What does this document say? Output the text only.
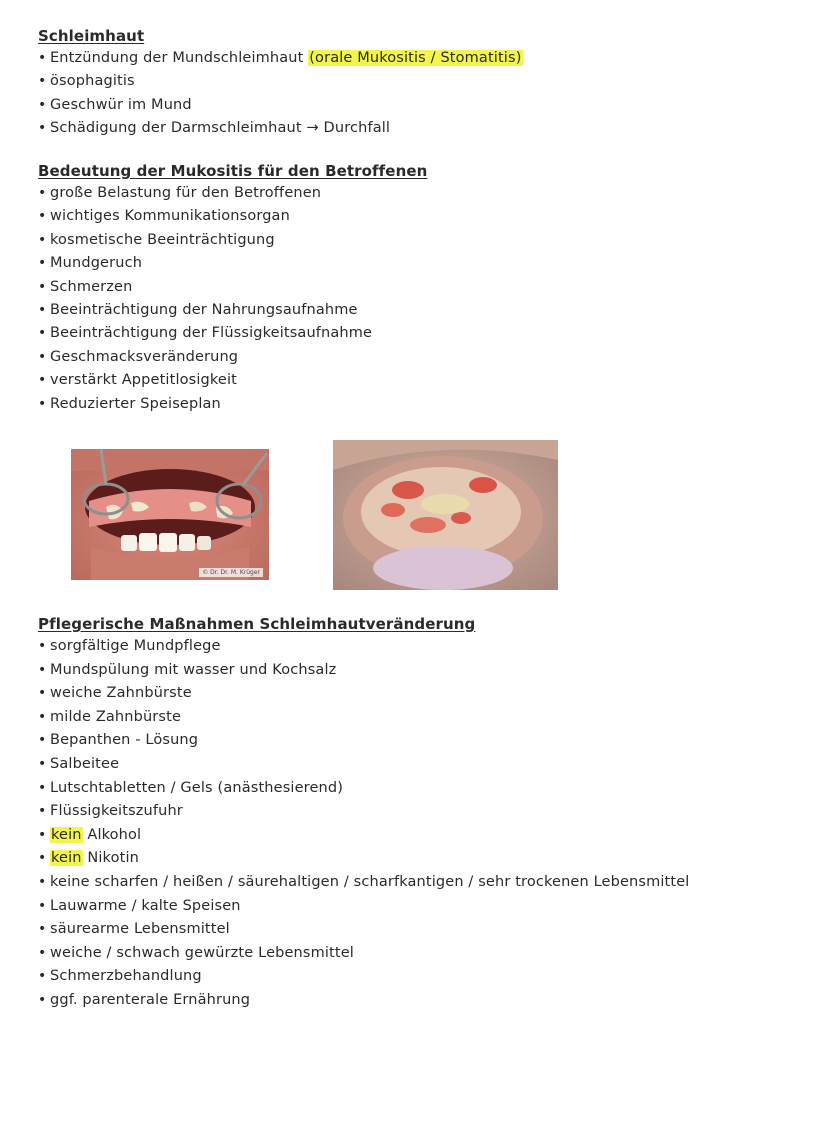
Schleimhaut
• Entzündung der Mundschleimhaut (orale Mukositis / Stomatitis)
• ösophagitis
• Geschwür im Mund
• Schädigung der Darmschleimhaut → Durchfall
Bedeutung der Mukositis für den Betroffenen
• große Belastung für den Betroffenen
• wichtiges Kommunikationsorgan
• kosmetische Beeinträchtigung
• Mundgeruch
• Schmerzen
• Beeinträchtigung der Nahrungsaufnahme
• Beeinträchtigung der Flüssigkeitsaufnahme
• Geschmacksveränderung
• verstärkt Appetitlosigkeit
• Reduzierter Speiseplan
© Dr. Dr. M. Krüger
Pflegerische Maßnahmen Schleimhautveränderung
• sorgfältige Mundpflege
• Mundspülung mit wasser und Kochsalz
• weiche Zahnbürste
• milde Zahnbürste
• Bepanthen - Lösung
• Salbeitee
• Lutschtabletten / Gels (anästhesierend)
• Flüssigkeitszufuhr
• kein Alkohol
• kein Nikotin
• keine scharfen / heißen / säurehaltigen / scharfkantigen / sehr trockenen Lebensmittel
• Lauwarme / kalte Speisen
• säurearme Lebensmittel
• weiche / schwach gewürzte Lebensmittel
• Schmerzbehandlung
• ggf. parenterale Ernährung
